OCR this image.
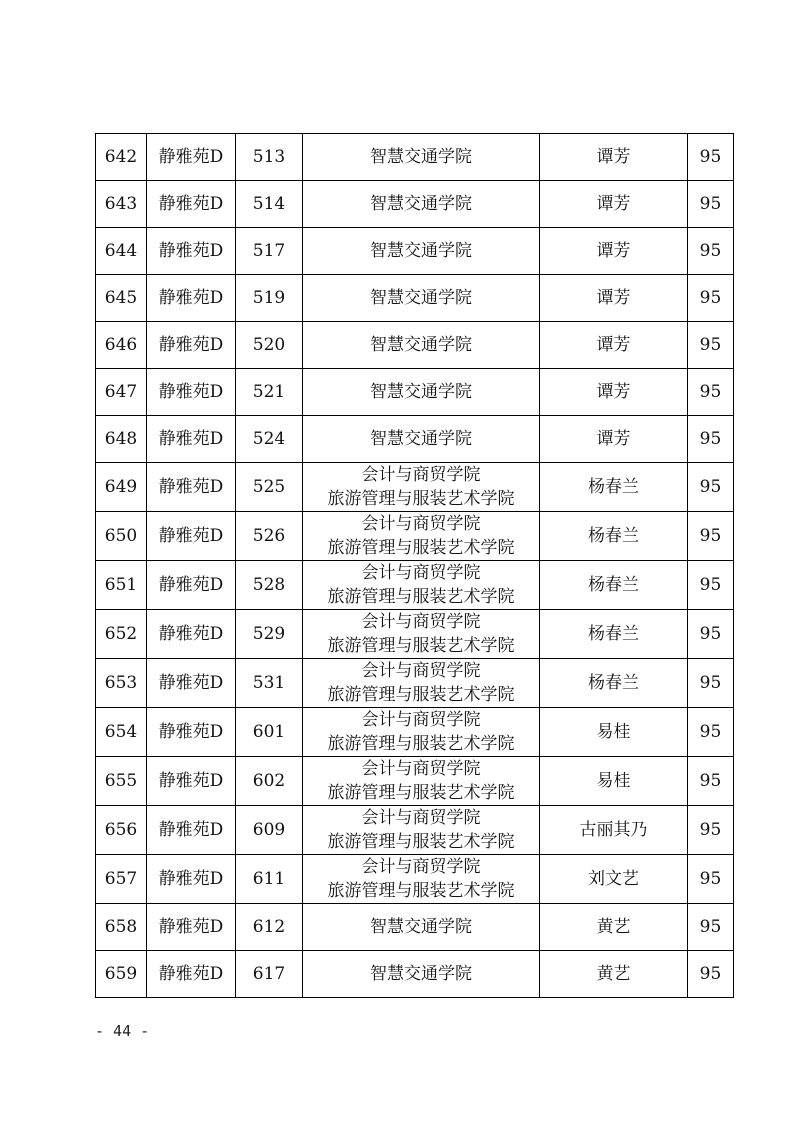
642	静雅苑D	513	智慧交通学院	谭芳	95
643	静雅苑D	514	智慧交通学院	谭芳	95
644	静雅苑D	517	智慧交通学院	谭芳	95
645	静雅苑D	519	智慧交通学院	谭芳	95
646	静雅苑D	520	智慧交通学院	谭芳	95
647	静雅苑D	521	智慧交通学院	谭芳	95
648	静雅苑D	524	智慧交通学院	谭芳	95
649	静雅苑D	525	会计与商贸学院
旅游管理与服装艺术学院	杨春兰	95
650	静雅苑D	526	会计与商贸学院
旅游管理与服装艺术学院	杨春兰	95
651	静雅苑D	528	会计与商贸学院
旅游管理与服装艺术学院	杨春兰	95
652	静雅苑D	529	会计与商贸学院
旅游管理与服装艺术学院	杨春兰	95
653	静雅苑D	531	会计与商贸学院
旅游管理与服装艺术学院	杨春兰	95
654	静雅苑D	601	会计与商贸学院
旅游管理与服装艺术学院	易桂	95
655	静雅苑D	602	会计与商贸学院
旅游管理与服装艺术学院	易桂	95
656	静雅苑D	609	会计与商贸学院
旅游管理与服装艺术学院	古丽其乃	95
657	静雅苑D	611	会计与商贸学院
旅游管理与服装艺术学院	刘文艺	95
658	静雅苑D	612	智慧交通学院	黄艺	95
659	静雅苑D	617	智慧交通学院	黄艺	95
- 44 -
